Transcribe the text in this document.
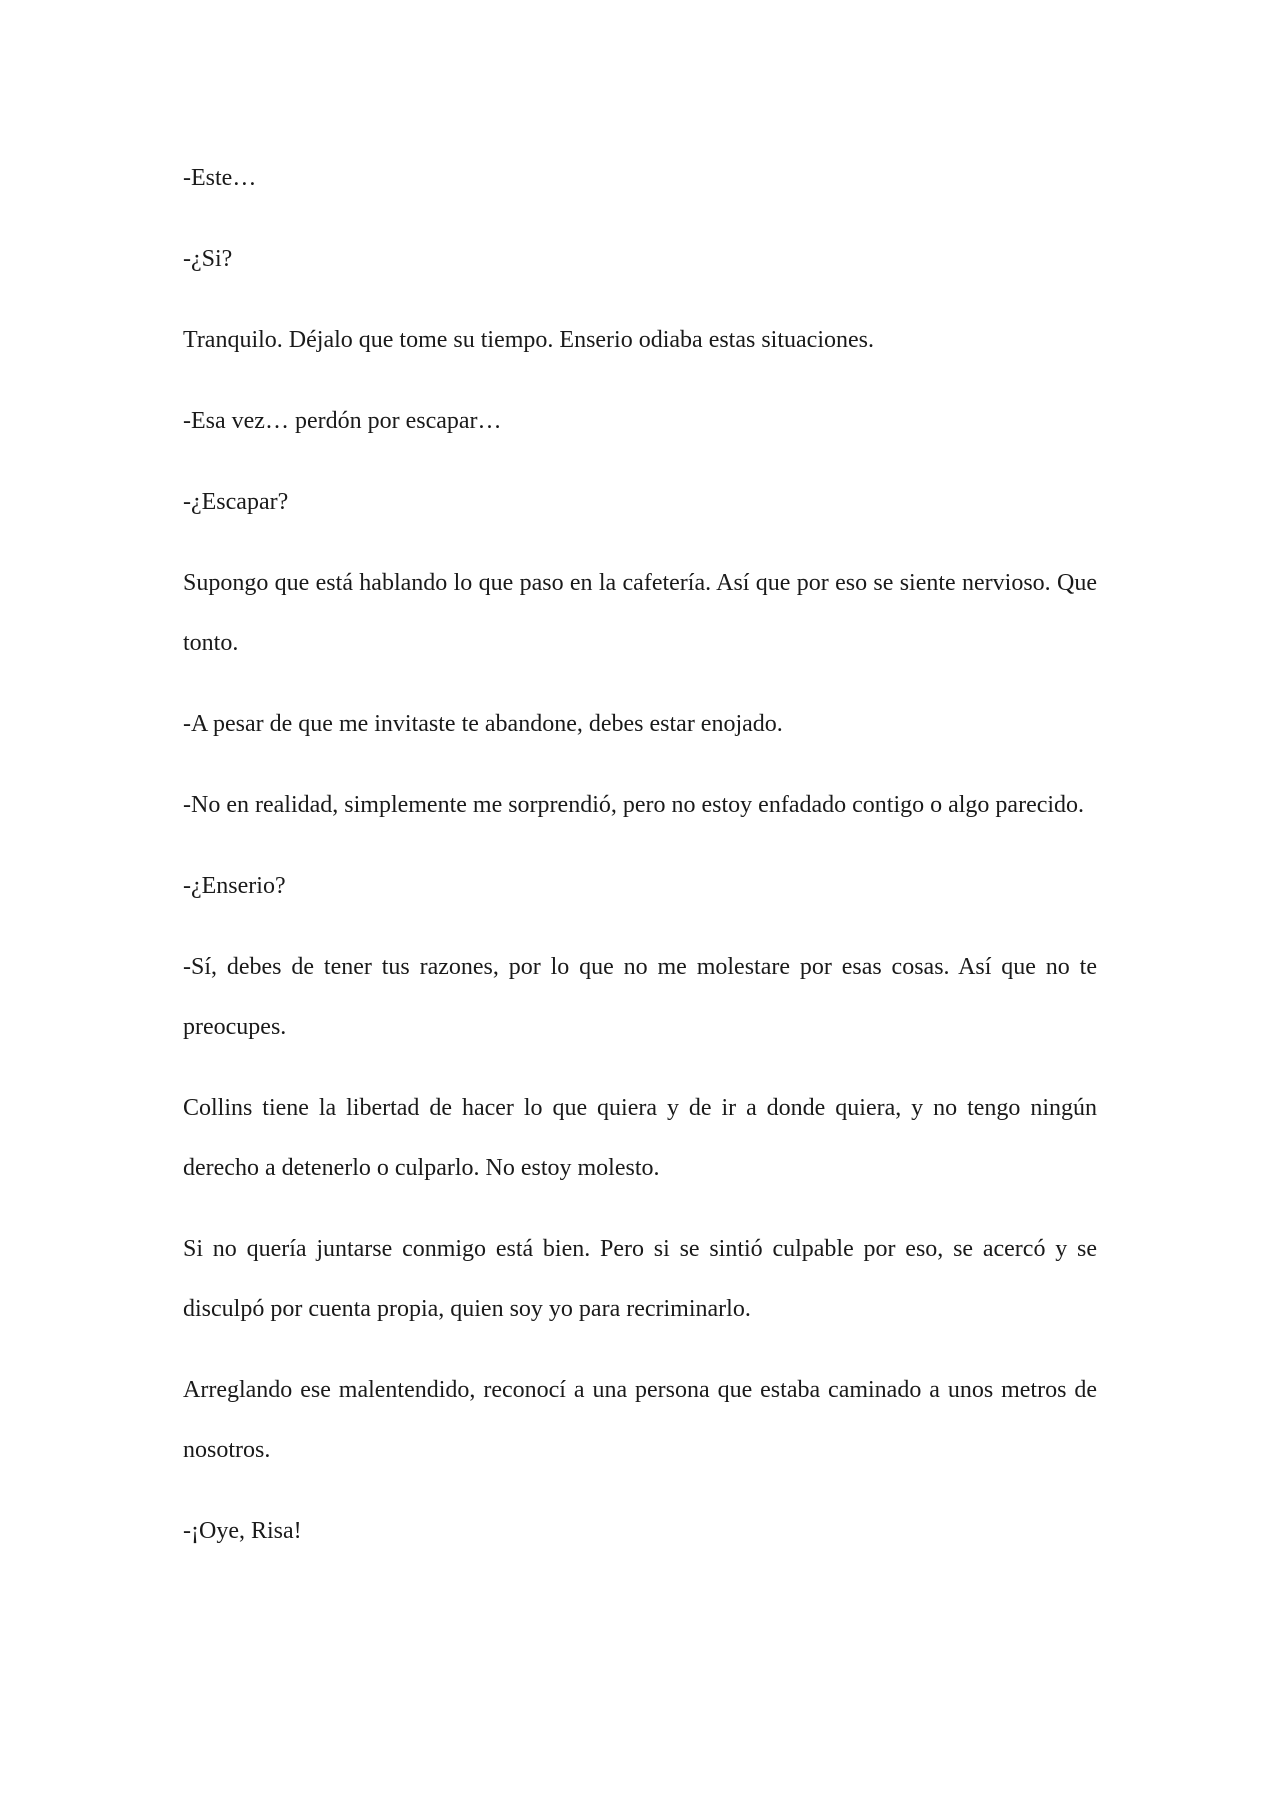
-Este…

-¿Si?

Tranquilo. Déjalo que tome su tiempo. Enserio odiaba estas situaciones.

-Esa vez… perdón por escapar…

-¿Escapar?

Supongo que está hablando lo que paso en la cafetería. Así que por eso se siente nervioso. Que tonto.

-A pesar de que me invitaste te abandone, debes estar enojado.

-No en realidad, simplemente me sorprendió, pero no estoy enfadado contigo o algo parecido.

-¿Enserio?

-Sí, debes de tener tus razones, por lo que no me molestare por esas cosas. Así que no te preocupes.

Collins tiene la libertad de hacer lo que quiera y de ir a donde quiera, y no tengo ningún derecho a detenerlo o culparlo. No estoy molesto.

Si no quería juntarse conmigo está bien. Pero si se sintió culpable por eso, se acercó y se disculpó por cuenta propia, quien soy yo para recriminarlo.

Arreglando ese malentendido, reconocí a una persona que estaba caminado a unos metros de nosotros.

-¡Oye, Risa!
